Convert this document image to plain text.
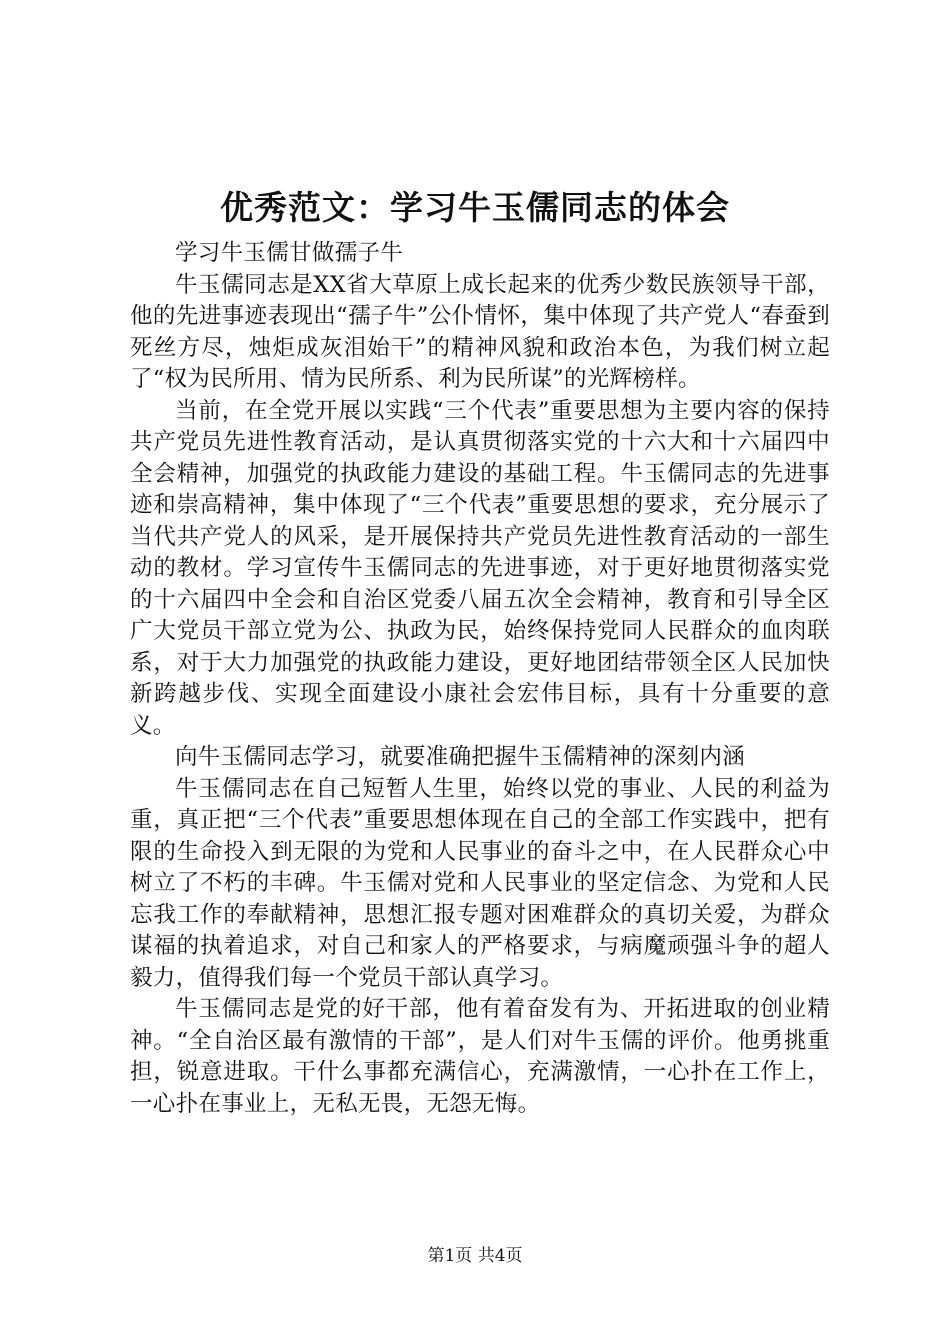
优秀范文：学习牛玉儒同志的体会

学习牛玉儒甘做孺子牛

牛玉儒同志是XX省大草原上成长起来的优秀少数民族领导干部，他的先进事迹表现出“孺子牛”公仆情怀，集中体现了共产党人“春蚕到死丝方尽，烛炬成灰泪始干”的精神风貌和政治本色，为我们树立起了“权为民所用、情为民所系、利为民所谋”的光辉榜样。

当前，在全党开展以实践“三个代表”重要思想为主要内容的保持共产党员先进性教育活动，是认真贯彻落实党的十六大和十六届四中全会精神，加强党的执政能力建设的基础工程。牛玉儒同志的先进事迹和崇高精神，集中体现了“三个代表”重要思想的要求，充分展示了当代共产党人的风采，是开展保持共产党员先进性教育活动的一部生动的教材。学习宣传牛玉儒同志的先进事迹，对于更好地贯彻落实党的十六届四中全会和自治区党委八届五次全会精神，教育和引导全区广大党员干部立党为公、执政为民，始终保持党同人民群众的血肉联系，对于大力加强党的执政能力建设，更好地团结带领全区人民加快新跨越步伐、实现全面建设小康社会宏伟目标，具有十分重要的意义。

向牛玉儒同志学习，就要准确把握牛玉儒精神的深刻内涵

牛玉儒同志在自己短暂人生里，始终以党的事业、人民的利益为重，真正把“三个代表”重要思想体现在自己的全部工作实践中，把有限的生命投入到无限的为党和人民事业的奋斗之中，在人民群众心中树立了不朽的丰碑。牛玉儒对党和人民事业的坚定信念、为党和人民忘我工作的奉献精神，思想汇报专题对困难群众的真切关爱，为群众谋福的执着追求，对自己和家人的严格要求，与病魔顽强斗争的超人毅力，值得我们每一个党员干部认真学习。

牛玉儒同志是党的好干部，他有着奋发有为、开拓进取的创业精神。“全自治区最有激情的干部”，是人们对牛玉儒的评价。他勇挑重担，锐意进取。干什么事都充满信心，充满激情，一心扑在工作上，一心扑在事业上，无私无畏，无怨无悔。

第1页 共4页
